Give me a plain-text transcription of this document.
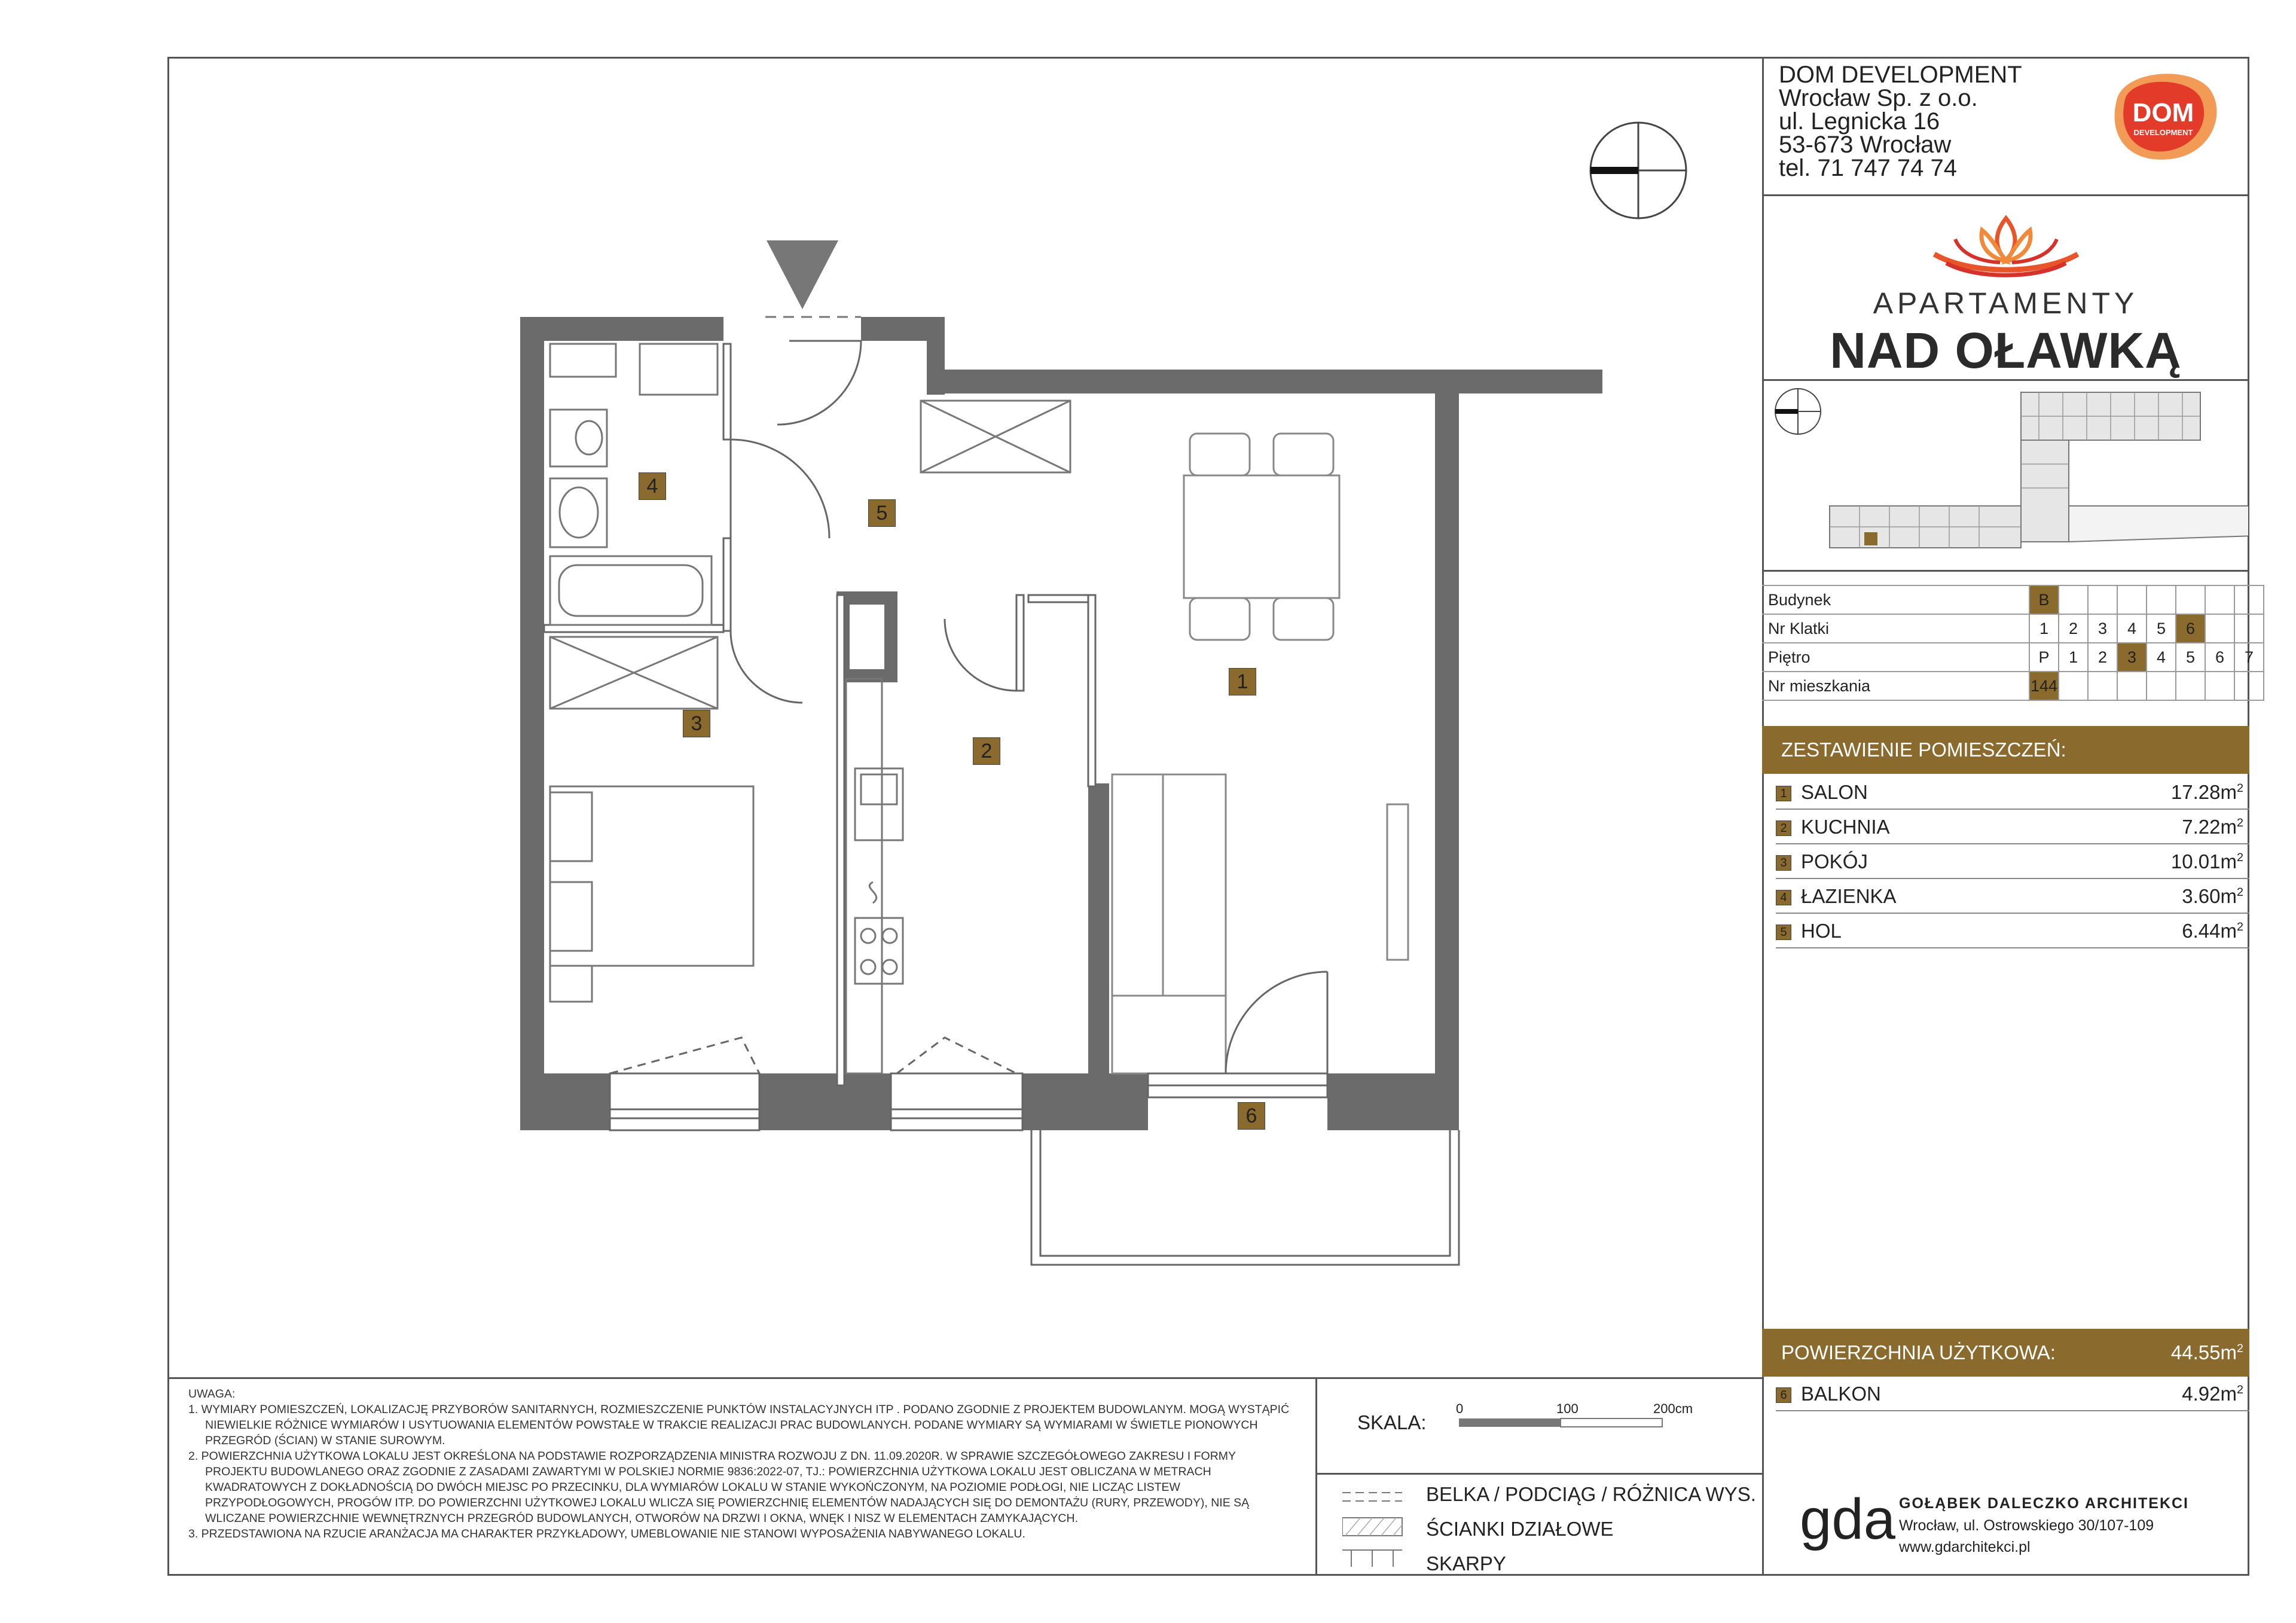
DOM DEVELOPMENT
Wrocław Sp. z o.o.
ul. Legnicka 16
53-673 Wrocław
tel. 71 747 74 74
DOM
DEVELOPMENT
APARTAMENTY
NAD OŁAWKĄ
Budynek	B							
Nr Klatki	1	2	3	4	5	6		
Piętro	P	1	2	3	4	5	6	7
Nr mieszkania	144							
ZESTAWIENIE POMIESZCZEŃ:
1 SALON	$17.28m^2$
2 KUCHNIA	$7.22m^2$
3 POKÓJ	$10.01m^2$
4 ŁAZIENKA	$3.60m^2$
5 HOL	$6.44m^2$
POWIERZCHNIA UŻYTKOWA:	$44.55m^2$
6 BALKON	$4.92m^2$
1
2
3
4
5
6

UWAGA:

1. WYMIARY POMIESZCZEŃ, LOKALIZACJĘ PRZYBORÓW SANITARNYCH, ROZMIESZCZENIE PUNKTÓW INSTALACYJNYCH ITP . PODANO ZGODNIE Z PROJEKTEM BUDOWLANYM. MOGĄ WYSTĄPIĆ NIEWIELKIE RÓŻNICE WYMIARÓW I USYTUOWANIA ELEMENTÓW POWSTAŁE W TRAKCIE REALIZACJI PRAC BUDOWLANYCH. PODANE WYMIARY SĄ WYMIARAMI W ŚWIETLE PIONOWYCH PRZEGRÓD (ŚCIAN) W STANIE SUROWYM.

2. POWIERZCHNIA UŻYTKOWA LOKALU JEST OKREŚLONA NA PODSTAWIE ROZPORZĄDZENIA MINISTRA ROZWOJU Z DN. 11.09.2020R. W SPRAWIE SZCZEGÓŁOWEGO ZAKRESU I FORMY PROJEKTU BUDOWLANEGO ORAZ ZGODNIE Z ZASADAMI ZAWARTYMI W POLSKIEJ NORMIE 9836:2022-07, TJ.: POWIERZCHNIA UŻYTKOWA LOKALU JEST OBLICZANA W METRACH KWADRATOWYCH Z DOKŁADNOŚCIĄ DO DWÓCH MIEJSC PO PRZECINKU, DLA WYMIARÓW LOKALU W STANIE WYKOŃCZONYM, NA POZIOMIE PODŁOGI, NIE LICZĄC LISTEW PRZYPODŁOGOWYCH, PROGÓW ITP. DO POWIERZCHNI UŻYTKOWEJ LOKALU WLICZA SIĘ POWIERZCHNIĘ ELEMENTÓW NADAJĄCYCH SIĘ DO DEMONTAŻU (RURY, PRZEWODY), NIE SĄ WLICZANE POWIERZCHNIE WEWNĘTRZNYCH PRZEGRÓD BUDOWLANYCH, OTWORÓW NA DRZWI I OKNA, WNĘK I NISZ W ELEMENTACH ZAMYKAJĄCYCH.

3. PRZEDSTAWIONA NA RZUCIE ARANŻACJA MA CHARAKTER PRZYKŁADOWY, UMEBLOWANIE NIE STANOWI WYPOSAŻENIA NABYWANEGO LOKALU.

SKALA:
0	100	200cm
BELKA / PODCIĄG / RÓŻNICA WYS.
ŚCIANKI DZIAŁOWE
SKARPY
gda GOŁĄBEK DALECZKO ARCHITEKCI
Wrocław, ul. Ostrowskiego 30/107-109
www.gdarchitekci.pl
